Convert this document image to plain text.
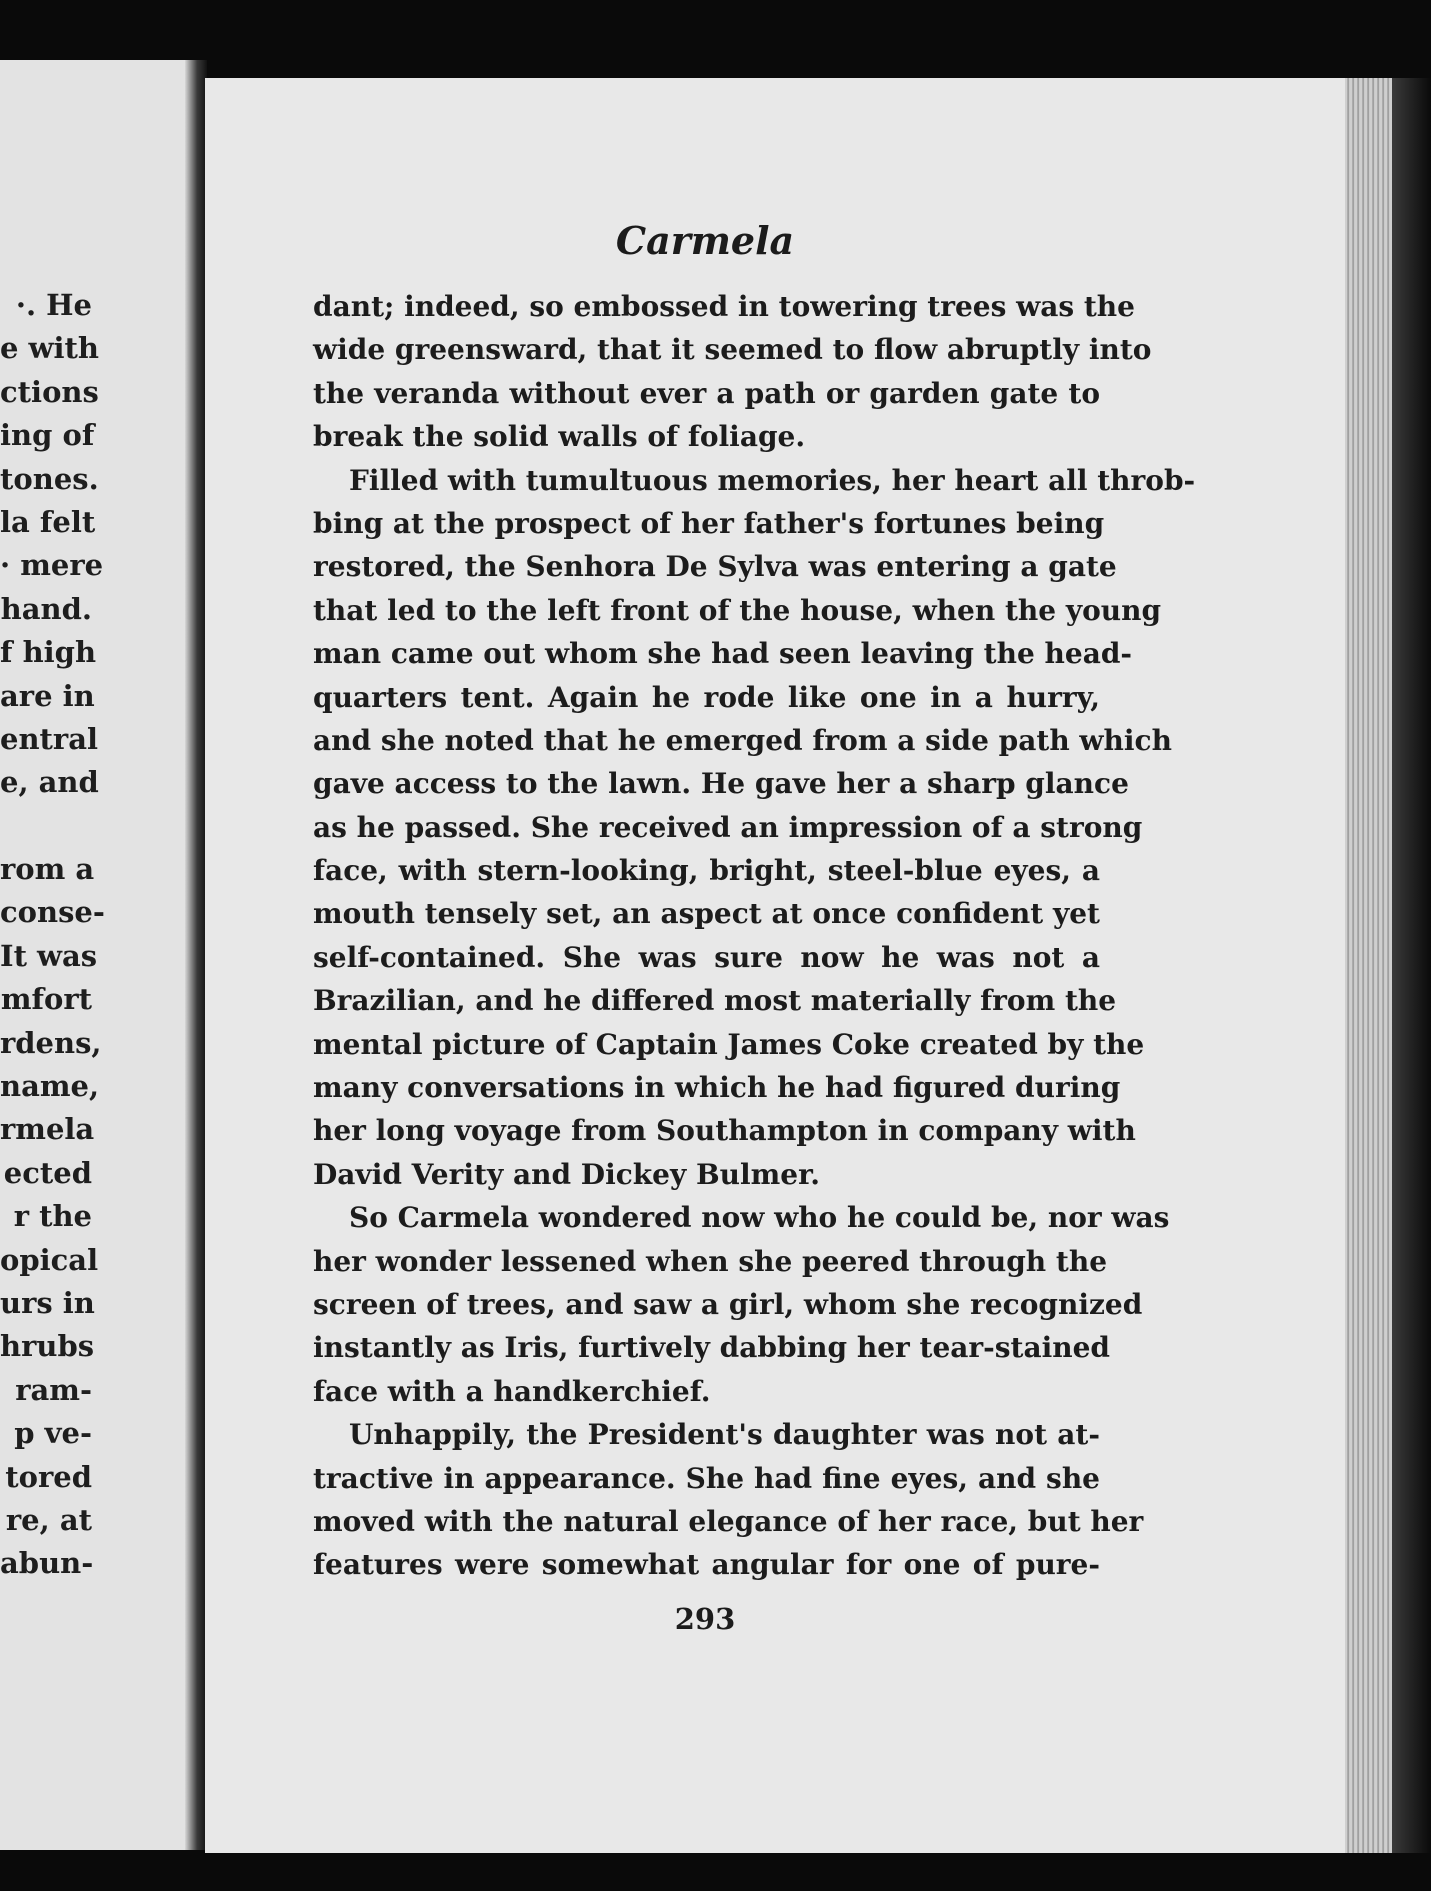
·. He
e with
ctions
ing of
tones.
la felt
· mere
hand.
f high
are in
entral
e, and
rom a
conse-
It was
mfort
rdens,
name,
rmela
ected
r the
opical
urs in
hrubs
ram-
p ve-
tored
re, at
abun-
Carmela
dant; indeed, so embossed in towering trees was the
wide greensward, that it seemed to flow abruptly into
the veranda without ever a path or garden gate to
break the solid walls of foliage.
Filled with tumultuous memories, her heart all throb-
bing at the prospect of her father's fortunes being
restored, the Senhora De Sylva was entering a gate
that led to the left front of the house, when the young
man came out whom she had seen leaving the head-
quarters tent. Again he rode like one in a hurry,
and she noted that he emerged from a side path which
gave access to the lawn. He gave her a sharp glance
as he passed. She received an impression of a strong
face, with stern-looking, bright, steel-blue eyes, a
mouth tensely set, an aspect at once confident yet
self-contained. She was sure now he was not a
Brazilian, and he differed most materially from the
mental picture of Captain James Coke created by the
many conversations in which he had figured during
her long voyage from Southampton in company with
David Verity and Dickey Bulmer.
So Carmela wondered now who he could be, nor was
her wonder lessened when she peered through the
screen of trees, and saw a girl, whom she recognized
instantly as Iris, furtively dabbing her tear-stained
face with a handkerchief.
Unhappily, the President's daughter was not at-
tractive in appearance. She had fine eyes, and she
moved with the natural elegance of her race, but her
features were somewhat angular for one of pure-
293
